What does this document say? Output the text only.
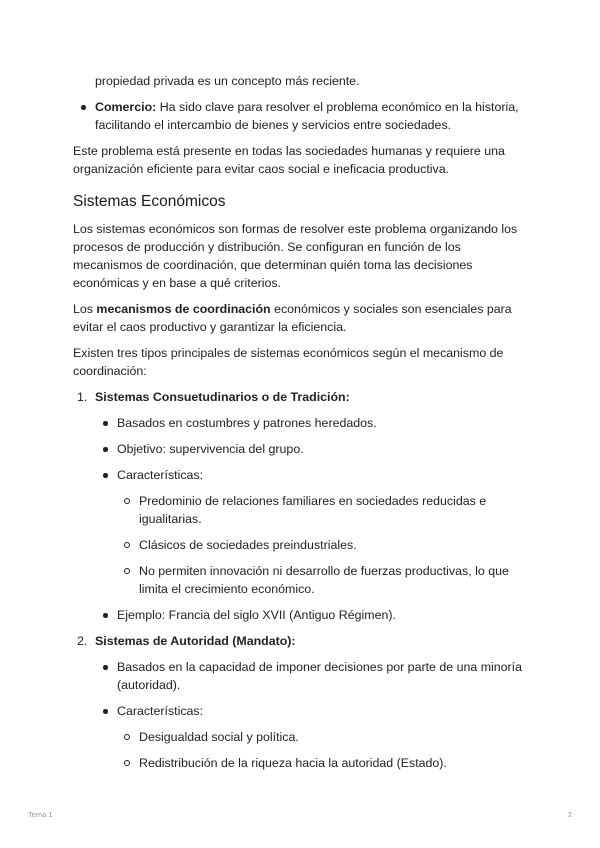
propiedad privada es un concepto más reciente.
Comercio: Ha sido clave para resolver el problema económico en la historia, facilitando el intercambio de bienes y servicios entre sociedades.

Este problema está presente en todas las sociedades humanas y requiere una organización eficiente para evitar caos social e ineficacia productiva.

Sistemas Económicos

Los sistemas económicos son formas de resolver este problema organizando los procesos de producción y distribución. Se configuran en función de los mecanismos de coordinación, que determinan quién toma las decisiones económicas y en base a qué criterios.

Los mecanismos de coordinación económicos y sociales son esenciales para evitar el caos productivo y garantizar la eficiencia.

Existen tres tipos principales de sistemas económicos según el mecanismo de coordinación:

1. Sistemas Consuetudinarios o de Tradición:
Basados en costumbres y patrones heredados.
Objetivo: supervivencia del grupo.
Características:
Predominio de relaciones familiares en sociedades reducidas e igualitarias.
Clásicos de sociedades preindustriales.
No permiten innovación ni desarrollo de fuerzas productivas, lo que limita el crecimiento económico.
Ejemplo: Francia del siglo XVII (Antiguo Régimen).
2. Sistemas de Autoridad (Mandato):
Basados en la capacidad de imponer decisiones por parte de una minoría (autoridad).
Características:
Desigualdad social y política.
Redistribución de la riqueza hacia la autoridad (Estado).
Tema 1	2
